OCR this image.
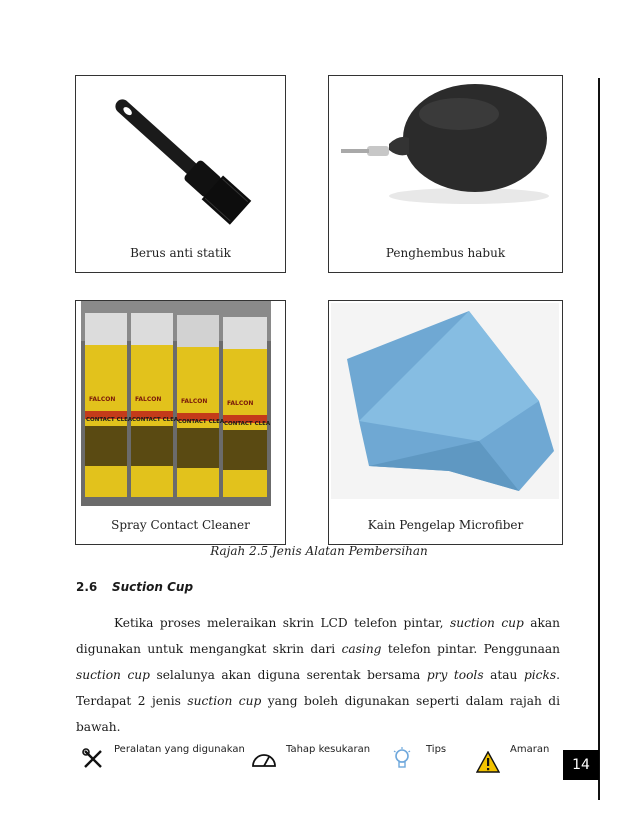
Berus anti statik	Penghembus habuk
FALCON	FALCON	FALCON	FALCON
CONTACT CLEA CONTACT CLEA CONTACT CLEA CONTACT CLEA
Spray Contact Cleaner	Kain Pengelap Microfiber
Rajah 2.5 Jenis Alatan Pembersihan
2.6 Suction Cup
Ketika proses meleraikan skrin LCD telefon pintar, suction cup akan digunakan untuk mengangkat skrin dari casing telefon pintar. Penggunaan suction cup selalunya akan diguna serentak bersama pry tools atau picks. Terdapat 2 jenis suction cup yang boleh digunakan seperti dalam rajah di bawah.
Peralatan yang digunakan	Tahap kesukaran	Tips	Amaran
14
